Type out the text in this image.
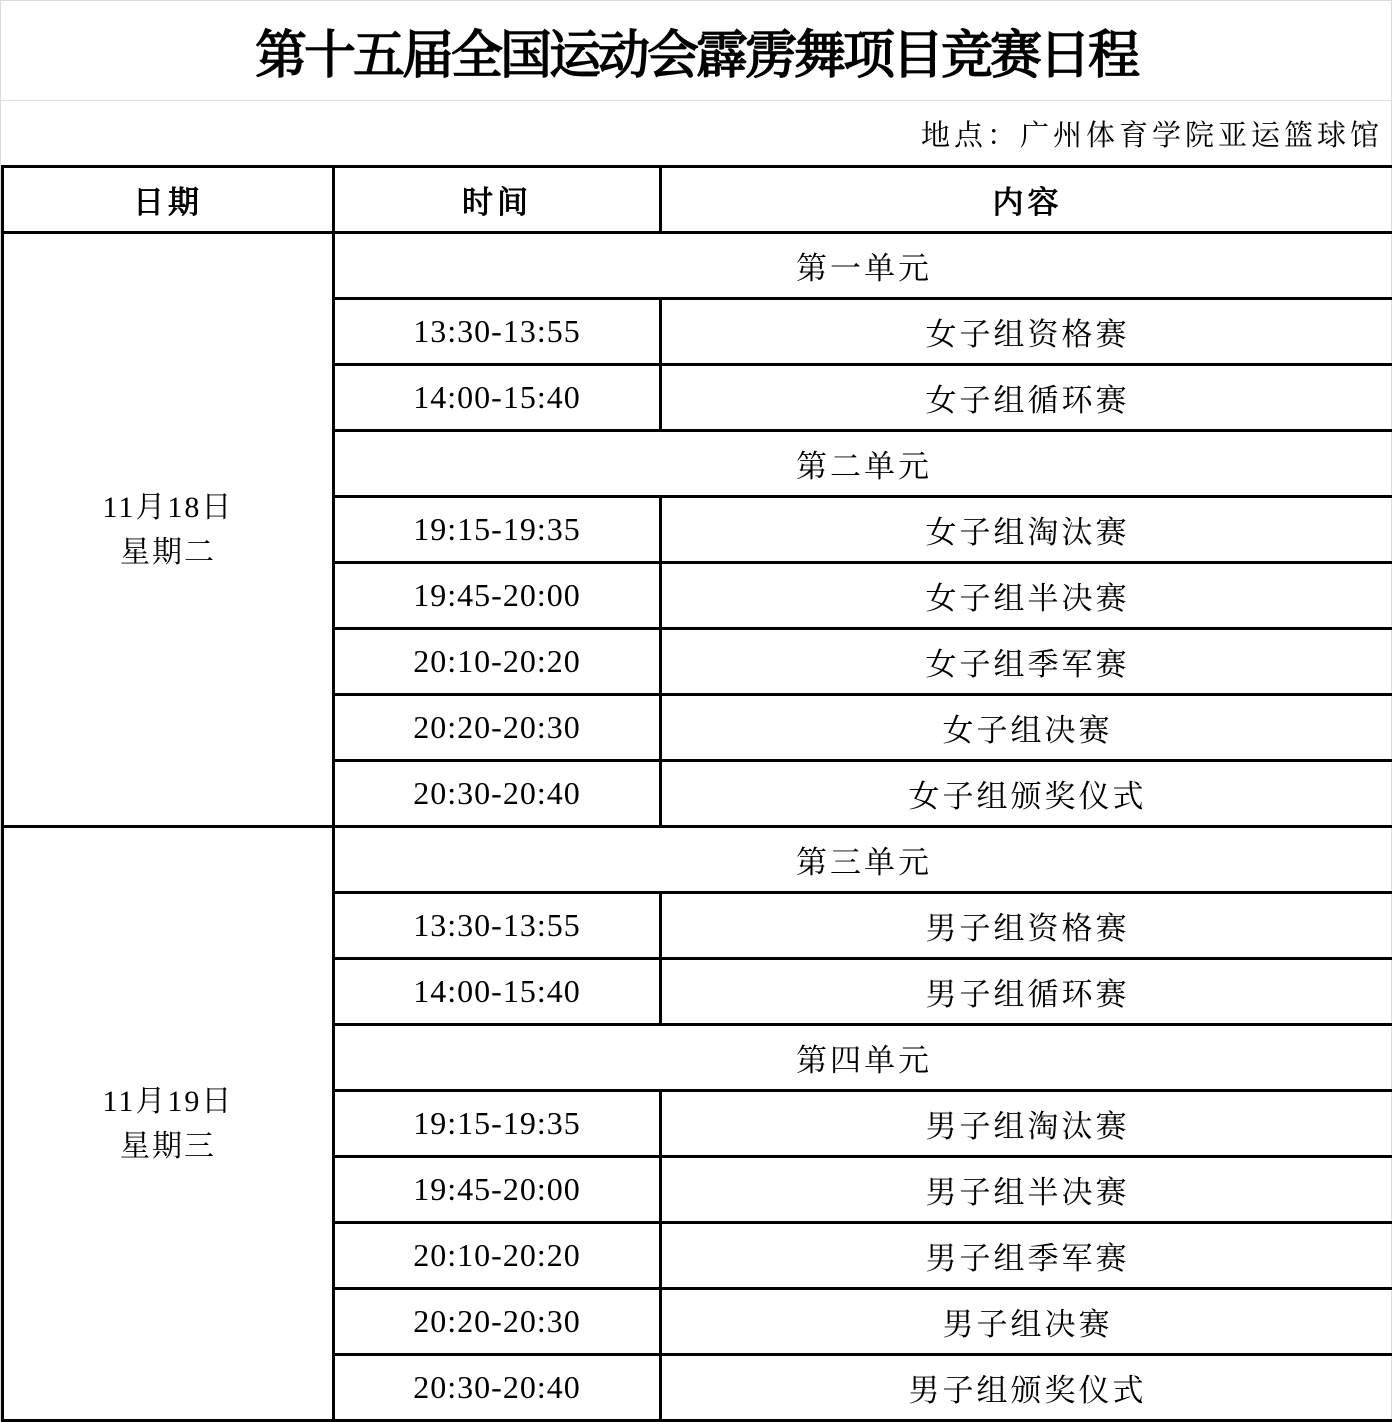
第十五届全国运动会霹雳舞项目竞赛日程
地点：广州体育学院亚运篮球馆
日期	时间	内容

11月18日
星期二	第一单元	
	13:30-13:55	女子组资格赛
	14:00-15:40	女子组循环赛
	第二单元	
	19:15-19:35	女子组淘汰赛
	19:45-20:00	女子组半决赛
	20:10-20:20	女子组季军赛
	20:20-20:30	女子组决赛
	20:30-20:40	女子组颁奖仪式

11月19日
星期三	第三单元	
	13:30-13:55	男子组资格赛
	14:00-15:40	男子组循环赛
	第四单元	
	19:15-19:35	男子组淘汰赛
	19:45-20:00	男子组半决赛
	20:10-20:20	男子组季军赛
	20:20-20:30	男子组决赛
	20:30-20:40	男子组颁奖仪式
